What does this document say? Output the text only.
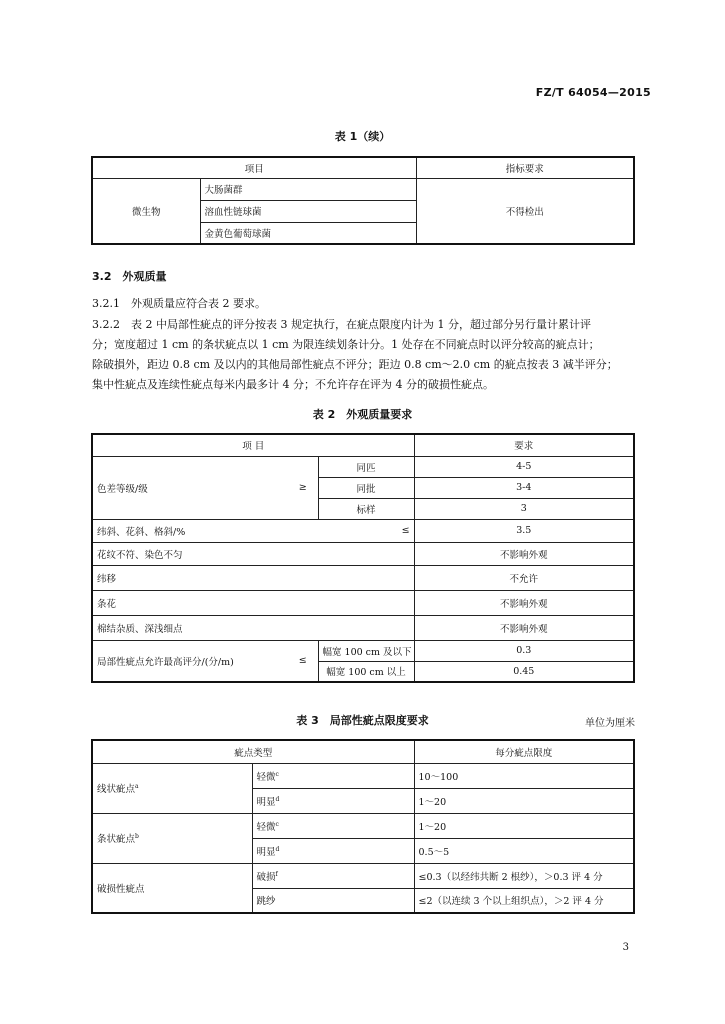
FZ/T 64054—2015
表 1（续）
项目		指标要求
微生物	大肠菌群	不得检出
	溶血性链球菌	
	金黄色葡萄球菌	
3.2　外观质量
3.2.1　外观质量应符合表 2 要求。
3.2.2　表 2 中局部性疵点的评分按表 3 规定执行，在疵点限度内计为 1 分，超过部分另行量计累计评
分；宽度超过 1 cm 的条状疵点以 1 cm 为限连续划条计分。1 处存在不同疵点时以评分较高的疵点计；
除破損外，距边 0.8 cm 及以内的其他局部性疵点不评分；距边 0.8 cm～2.0 cm 的疵点按表 3 减半评分；
集中性疵点及连续性疵点每米内最多计 4 分；不允许存在评为 4 分的破损性疵点。
表 2　外观质量要求
项 目			要求
色差等级/级	≥	同匹	4-5
		同批	3-4
		标样	3
纬斜、花斜、格斜/%		≤	3.5
花纹不符、染色不匀			不影响外观
纬移			不允许
条花			不影响外观
棉结杂质、深浅细点			不影响外观
局部性疵点允许最高评分/(分/m)	≤	幅宽 100 cm 及以下	0.3
		幅宽 100 cm 以上	0.45
表 3　局部性疵点限度要求	单位为厘米
疵点类型		每分疵点限度
线状疵点$^a$	轻微$^c$	10～100
	明显$^d$	1～20
条状疵点$^b$	轻微$^c$	1～20
	明显$^d$	0.5～5
破损性疵点	破损$^f$	≤0.3（以经纬共断 2 根纱），＞0.3 评 4 分
	跳纱	≤2（以连续 3 个以上组织点），＞2 评 4 分
3
